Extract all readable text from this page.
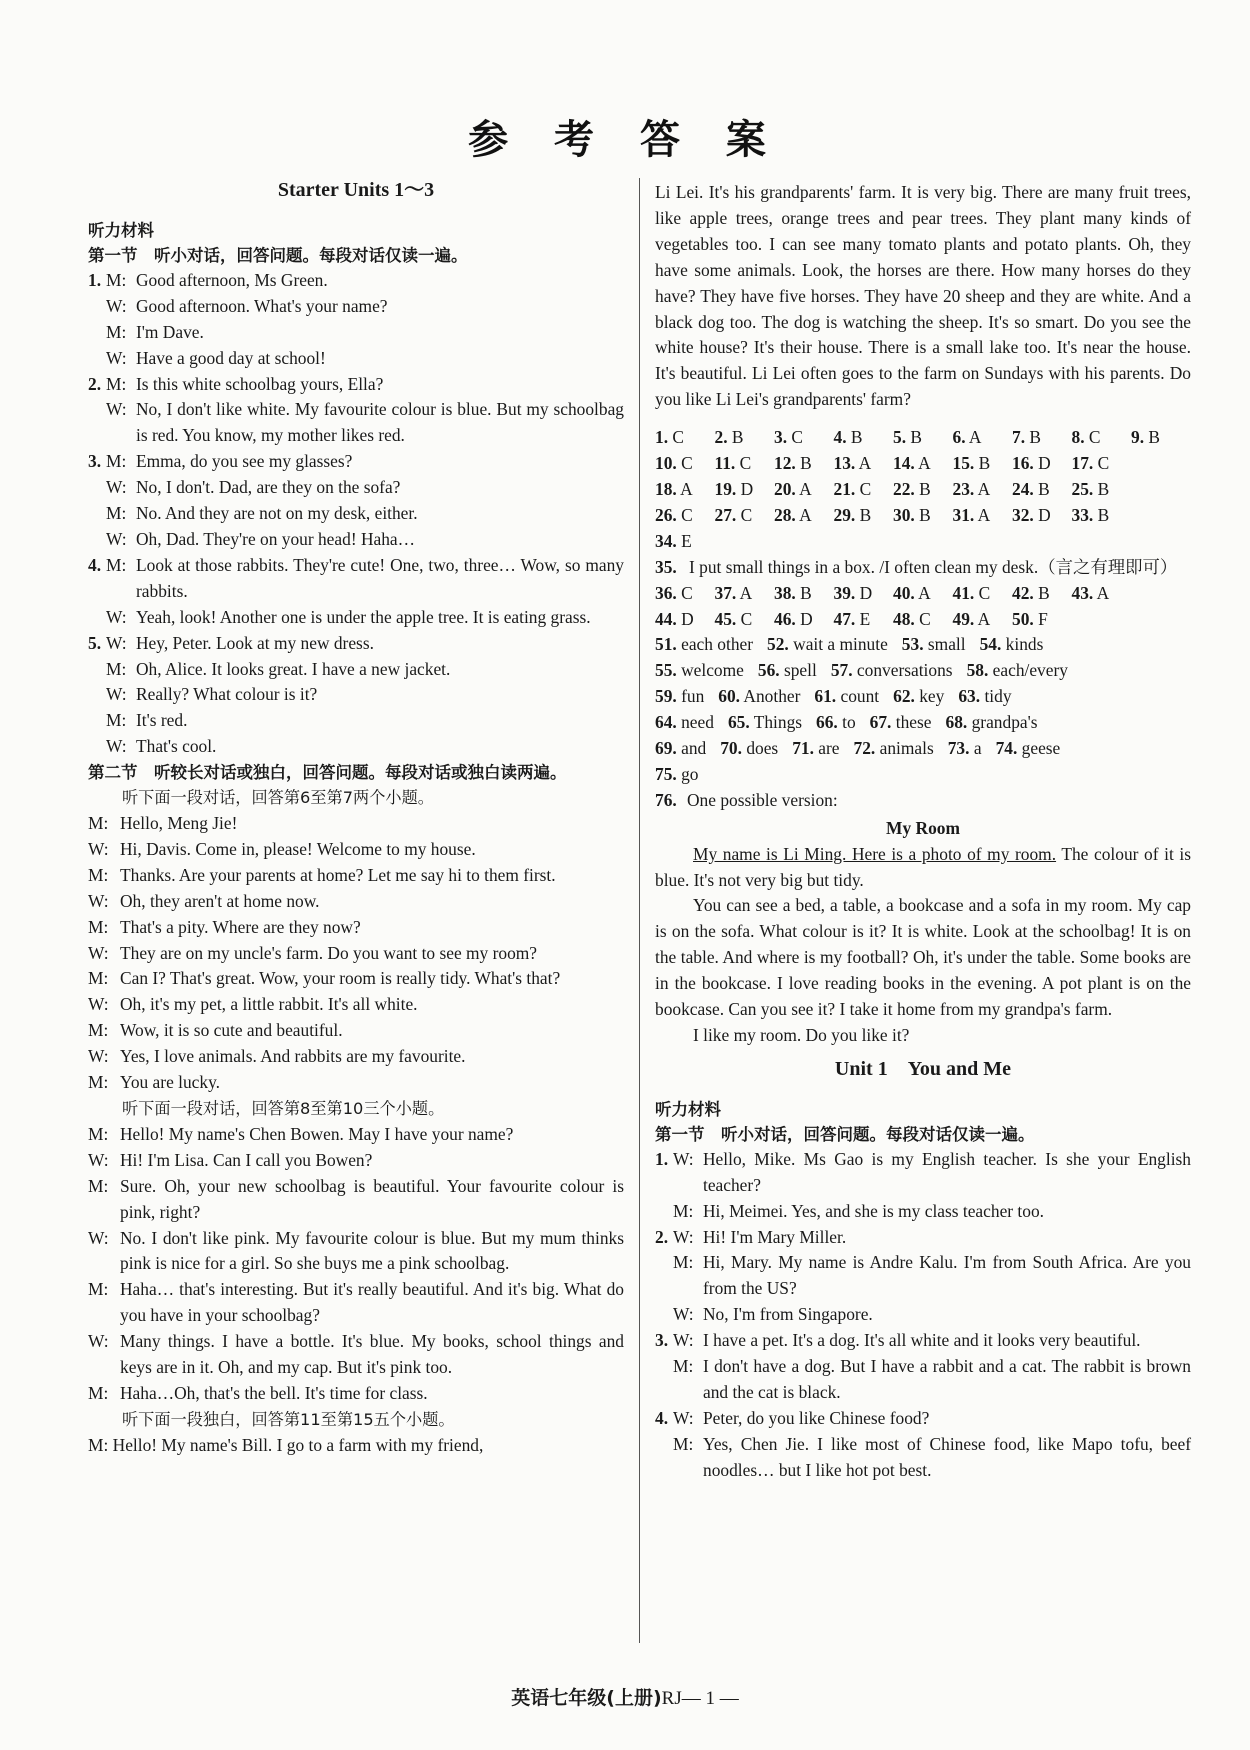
参 考 答 案
Starter Units 1～3
听力材料
第一节　听小对话，回答问题。每段对话仅读一遍。
1. M: Good afternoon, Ms Green.
W: Good afternoon. What's your name?
M: I'm Dave.
W: Have a good day at school!
2. M: Is this white schoolbag yours, Ella?
W: No, I don't like white. My favourite colour is blue. But my schoolbag is red. You know, my mother likes red.
3. M: Emma, do you see my glasses?
W: No, I don't. Dad, are they on the sofa?
M: No. And they are not on my desk, either.
W: Oh, Dad. They're on your head! Haha…
4. M: Look at those rabbits. They're cute! One, two, three… Wow, so many rabbits.
W: Yeah, look! Another one is under the apple tree. It is eating grass.
5. W: Hey, Peter. Look at my new dress.
M: Oh, Alice. It looks great. I have a new jacket.
W: Really? What colour is it?
M: It's red.
W: That's cool.
第二节　听较长对话或独白，回答问题。每段对话或独白读两遍。
听下面一段对话，回答第6至第7两个小题。
M: Hello, Meng Jie!
W: Hi, Davis. Come in, please! Welcome to my house.
M: Thanks. Are your parents at home? Let me say hi to them first.
W: Oh, they aren't at home now.
M: That's a pity. Where are they now?
W: They are on my uncle's farm. Do you want to see my room?
M: Can I? That's great. Wow, your room is really tidy. What's that?
W: Oh, it's my pet, a little rabbit. It's all white.
M: Wow, it is so cute and beautiful.
W: Yes, I love animals. And rabbits are my favourite.
M: You are lucky.
听下面一段对话，回答第8至第10三个小题。
M: Hello! My name's Chen Bowen. May I have your name?
W: Hi! I'm Lisa. Can I call you Bowen?
M: Sure. Oh, your new schoolbag is beautiful. Your favourite colour is pink, right?
W: No. I don't like pink. My favourite colour is blue. But my mum thinks pink is nice for a girl. So she buys me a pink schoolbag.
M: Haha… that's interesting. But it's really beautiful. And it's big. What do you have in your schoolbag?
W: Many things. I have a bottle. It's blue. My books, school things and keys are in it. Oh, and my cap. But it's pink too.
M: Haha…Oh, that's the bell. It's time for class.
听下面一段独白，回答第11至第15五个小题。
M: Hello! My name's Bill. I go to a farm with my friend,
Li Lei. It's his grandparents' farm. It is very big. There are many fruit trees, like apple trees, orange trees and pear trees. They plant many kinds of vegetables too. I can see many tomato plants and potato plants. Oh, they have some animals. Look, the horses are there. How many horses do they have? They have five horses. They have 20 sheep and they are white. And a black dog too. The dog is watching the sheep. It's so smart. Do you see the white house? It's their house. There is a small lake too. It's near the house. It's beautiful. Li Lei often goes to the farm on Sundays with his parents. Do you like Li Lei's grandparents' farm?
1. C	2. B	3. C	4. B	5. B	6. A	7. B	8. C	9. B
10. C	11. C	12. B	13. A	14. A	15. B	16. D	17. C
18. A	19. D	20. A	21. C	22. B	23. A	24. B	25. B
26. C	27. C	28. A	29. B	30. B	31. A	32. D	33. B
34. E
35. I put small things in a box. /I often clean my desk.（言之有理即可）
36. C	37. A	38. B	39. D	40. A	41. C	42. B	43. A
44. D	45. C	46. D	47. E	48. C	49. A	50. F
51. each other 52. wait a minute 53. small 54. kinds
55. welcome 56. spell 57. conversations 58. each/every
59. fun 60. Another 61. count 62. key 63. tidy
64. need 65. Things 66. to 67. these 68. grandpa's
69. and 70. does 71. are 72. animals 73. a 74. geese
75. go
76. One possible version:
My Room
My name is Li Ming. Here is a photo of my room. The colour of it is blue. It's not very big but tidy.
You can see a bed, a table, a bookcase and a sofa in my room. My cap is on the sofa. What colour is it? It is white. Look at the schoolbag! It is on the table. And where is my football? Oh, it's under the table. Some books are in the bookcase. I love reading books in the evening. A pot plant is on the bookcase. Can you see it? I take it home from my grandpa's farm.
I like my room. Do you like it?
Unit 1　You and Me
听力材料
第一节　听小对话，回答问题。每段对话仅读一遍。
1. W: Hello, Mike. Ms Gao is my English teacher. Is she your English teacher?
M: Hi, Meimei. Yes, and she is my class teacher too.
2. W: Hi! I'm Mary Miller.
M: Hi, Mary. My name is Andre Kalu. I'm from South Africa. Are you from the US?
W: No, I'm from Singapore.
3. W: I have a pet. It's a dog. It's all white and it looks very beautiful.
M: I don't have a dog. But I have a rabbit and a cat. The rabbit is brown and the cat is black.
4. W: Peter, do you like Chinese food?
M: Yes, Chen Jie. I like most of Chinese food, like Mapo tofu, beef noodles… but I like hot pot best.
英语七年级(上册)RJ— 1 —
